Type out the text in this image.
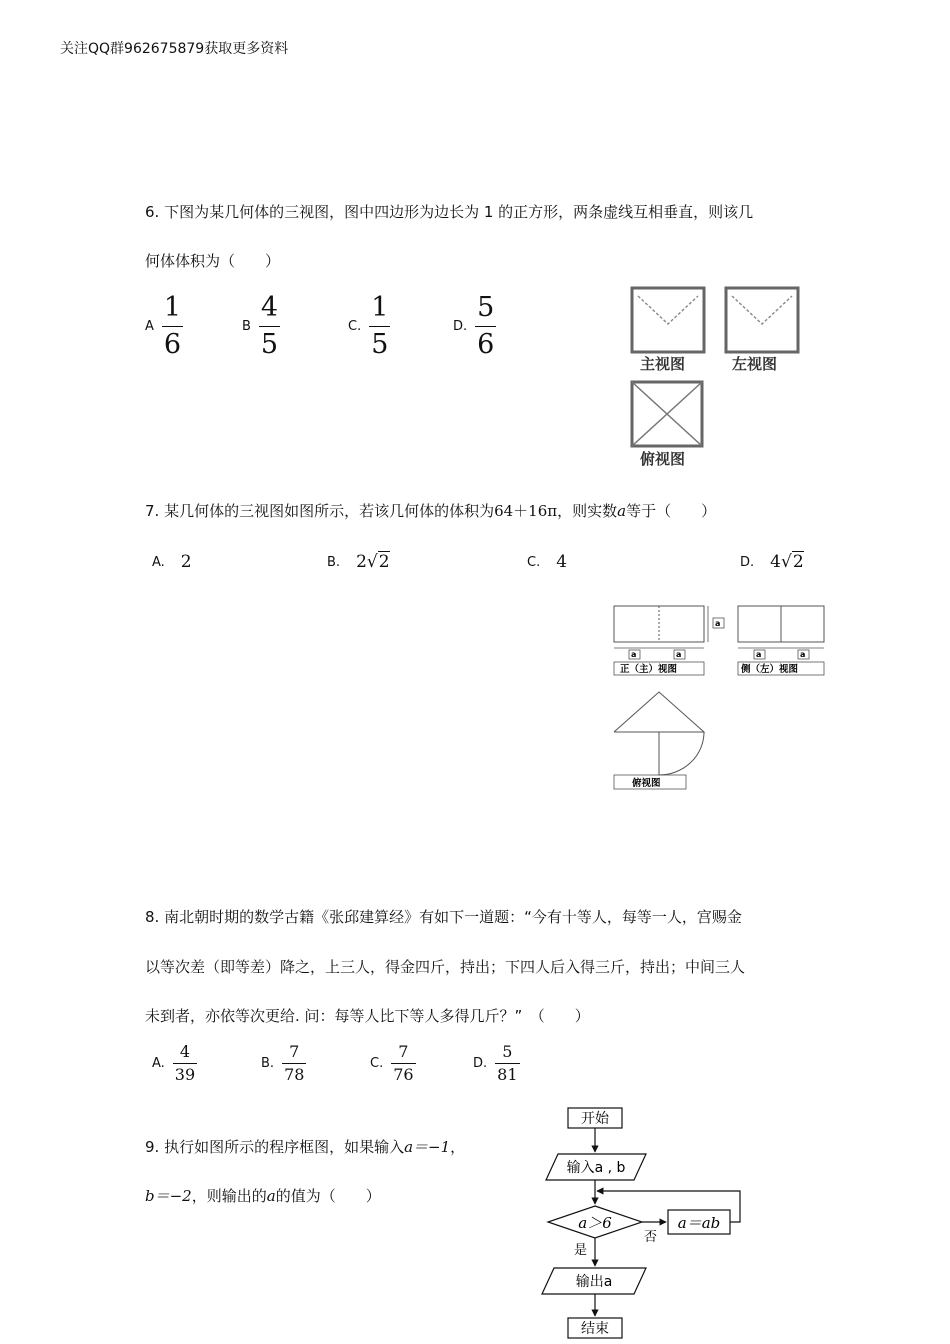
关注QQ群962675879获取更多资料
6. 下图为某几何体的三视图，图中四边形为边长为 1 的正方形，两条虚线互相垂直，则该几
何体体积为（　　）
A $\frac{1}{6}$	B $\frac{4}{5}$	C. $\frac{1}{5}$	D. $\frac{5}{6}$
主视图	左视图
俯视图
7. 某几何体的三视图如图所示，若该几何体的体积为64＋16π，则实数a等于（　　）
A. 2	B. 2√2	C. 4	D. 4√2
a
a	a
正（主）视图
a	a
侧（左）视图
俯视图
8. 南北朝时期的数学古籍《张邱建算经》有如下一道题：“今有十等人，每等一人，宫赐金
以等次差（即等差）降之，上三人，得金四斤，持出；下四人后入得三斤，持出；中间三人
未到者，亦依等次更给. 问：每等人比下等人多得几斤？”　（　　）
A. $\frac{4}{39}$	B. $\frac{7}{78}$	C. $\frac{7}{76}$	D. $\frac{5}{81}$
9. 执行如图所示的程序框图，如果输入a＝−1，
b＝−2，则输出的a的值为（　　）
开始
输入a , b
a＞6
否
a＝ab
是
输出a
结束
